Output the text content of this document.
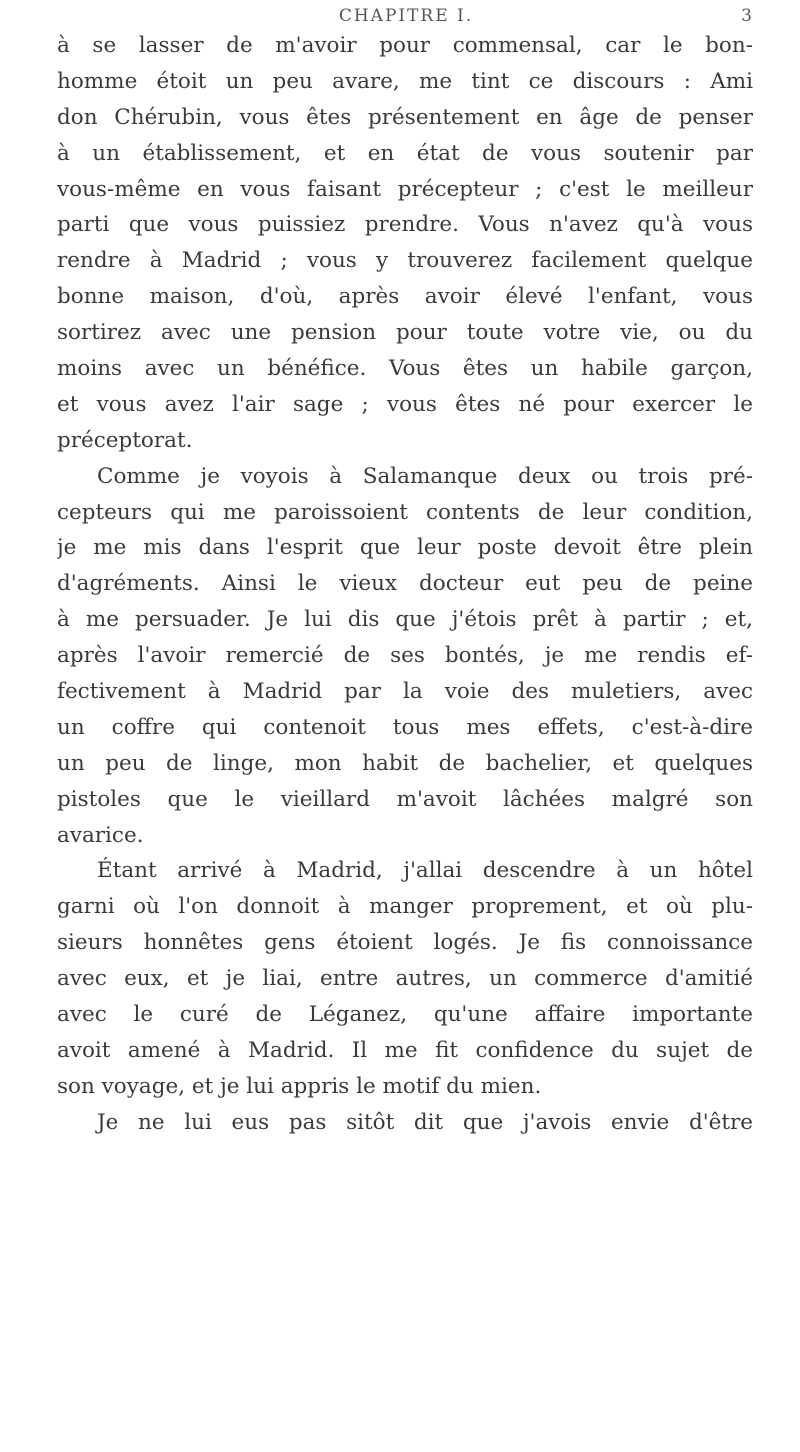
CHAPITRE I.	3
à se lasser de m'avoir pour commensal, car le bon-
homme étoit un peu avare, me tint ce discours : Ami
don Chérubin, vous êtes présentement en âge de penser
à un établissement, et en état de vous soutenir par
vous-même en vous faisant précepteur ; c'est le meilleur
parti que vous puissiez prendre. Vous n'avez qu'à vous
rendre à Madrid ; vous y trouverez facilement quelque
bonne maison, d'où, après avoir élevé l'enfant, vous
sortirez avec une pension pour toute votre vie, ou du
moins avec un bénéfice. Vous êtes un habile garçon,
et vous avez l'air sage ; vous êtes né pour exercer le
préceptorat.
Comme je voyois à Salamanque deux ou trois pré-
cepteurs qui me paroissoient contents de leur condition,
je me mis dans l'esprit que leur poste devoit être plein
d'agréments. Ainsi le vieux docteur eut peu de peine
à me persuader. Je lui dis que j'étois prêt à partir ; et,
après l'avoir remercié de ses bontés, je me rendis ef-
fectivement à Madrid par la voie des muletiers, avec
un coffre qui contenoit tous mes effets, c'est-à-dire
un peu de linge, mon habit de bachelier, et quelques
pistoles que le vieillard m'avoit lâchées malgré son
avarice.
Étant arrivé à Madrid, j'allai descendre à un hôtel
garni où l'on donnoit à manger proprement, et où plu-
sieurs honnêtes gens étoient logés. Je fis connoissance
avec eux, et je liai, entre autres, un commerce d'amitié
avec le curé de Léganez, qu'une affaire importante
avoit amené à Madrid. Il me fit confidence du sujet de
son voyage, et je lui appris le motif du mien.
Je ne lui eus pas sitôt dit que j'avois envie d'être
